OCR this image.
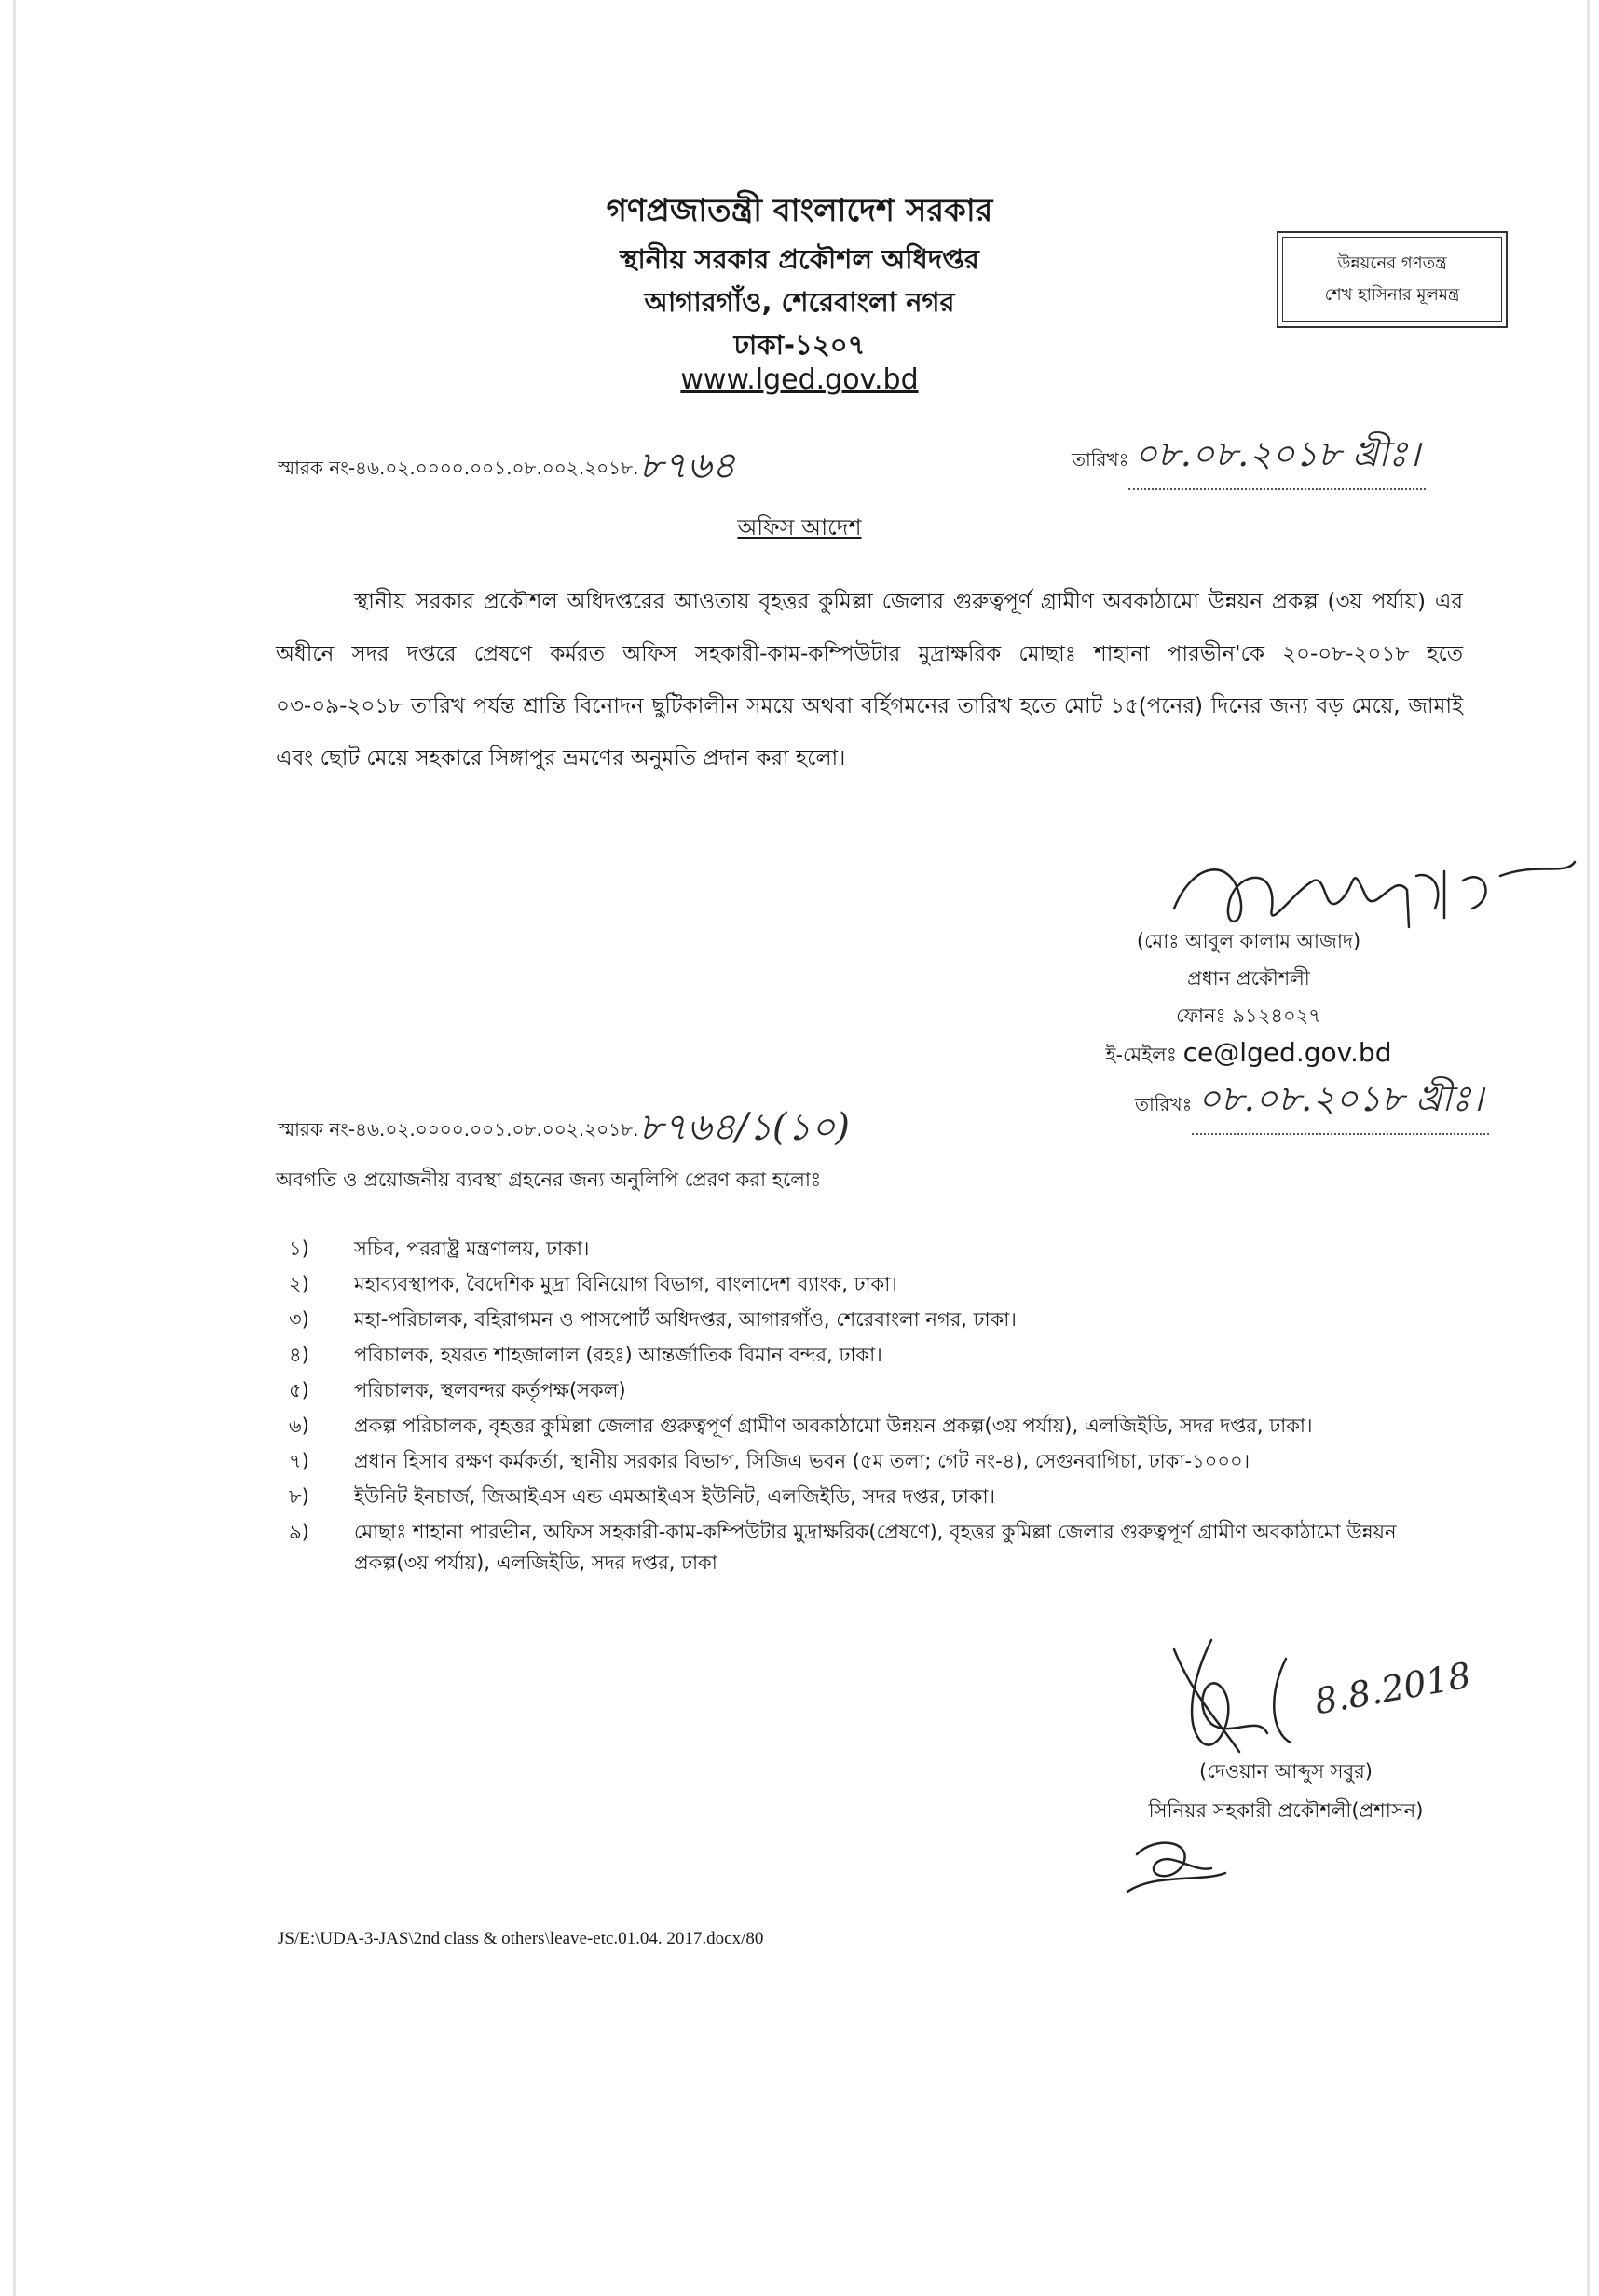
গণপ্রজাতন্ত্রী বাংলাদেশ সরকার
স্থানীয় সরকার প্রকৌশল অধিদপ্তর
আগারগাঁও, শেরেবাংলা নগর
ঢাকা-১২০৭
www.lged.gov.bd
উন্নয়নের গণতন্ত্র
শেখ হাসিনার মূলমন্ত্র
স্মারক নং-৪৬.০২.০০০০.০০১.০৮.০০২.২০১৮.৮৭৬৪	তারিখঃ ০৮.০৮.২০১৮ খ্রীঃ।
অফিস আদেশ
স্থানীয় সরকার প্রকৌশল অধিদপ্তরের আওতায় বৃহত্তর কুমিল্লা জেলার গুরুত্বপূর্ণ গ্রামীণ অবকাঠামো উন্নয়ন প্রকল্প (৩য় পর্যায়) এর অধীনে সদর দপ্তরে প্রেষণে কর্মরত অফিস সহকারী-কাম-কম্পিউটার মুদ্রাক্ষরিক মোছাঃ শাহানা পারভীন'কে ২০-০৮-২০১৮ হতে ০৩-০৯-২০১৮ তারিখ পর্যন্ত শ্রান্তি বিনোদন ছুটিকালীন সময়ে অথবা বর্হিগমনের তারিখ হতে মোট ১৫(পনের) দিনের জন্য বড় মেয়ে, জামাই এবং ছোট মেয়ে সহকারে সিঙ্গাপুর ভ্রমণের অনুমতি প্রদান করা হলো।
(মোঃ আবুল কালাম আজাদ)
প্রধান প্রকৌশলী
ফোনঃ ৯১২৪০২৭
ই-মেইলঃ ce@lged.gov.bd
স্মারক নং-৪৬.০২.০০০০.০০১.০৮.০০২.২০১৮.৮৭৬৪/১(১০)
তারিখঃ ০৮.০৮.২০১৮ খ্রীঃ।
অবগতি ও প্রয়োজনীয় ব্যবস্থা গ্রহনের জন্য অনুলিপি প্রেরণ করা হলোঃ
১)	সচিব, পররাষ্ট্র মন্ত্রণালয়, ঢাকা।
২)	মহাব্যবস্থাপক, বৈদেশিক মুদ্রা বিনিয়োগ বিভাগ, বাংলাদেশ ব্যাংক, ঢাকা।
৩)	মহা-পরিচালক, বহিরাগমন ও পাসপোর্ট অধিদপ্তর, আগারগাঁও, শেরেবাংলা নগর, ঢাকা।
৪)	পরিচালক, হযরত শাহজালাল (রহঃ) আন্তর্জাতিক বিমান বন্দর, ঢাকা।
৫)	পরিচালক, স্থলবন্দর কর্তৃপক্ষ(সকল)
৬)	প্রকল্প পরিচালক, বৃহত্তর কুমিল্লা জেলার গুরুত্বপূর্ণ গ্রামীণ অবকাঠামো উন্নয়ন প্রকল্প(৩য় পর্যায়), এলজিইডি, সদর দপ্তর, ঢাকা।
৭)	প্রধান হিসাব রক্ষণ কর্মকর্তা, স্থানীয় সরকার বিভাগ, সিজিএ ভবন (৫ম তলা; গেট নং-৪), সেগুনবাগিচা, ঢাকা-১০০০।
৮)	ইউনিট ইনচার্জ, জিআইএস এন্ড এমআইএস ইউনিট, এলজিইডি, সদর দপ্তর, ঢাকা।
৯)	মোছাঃ শাহানা পারভীন, অফিস সহকারী-কাম-কম্পিউটার মুদ্রাক্ষরিক(প্রেষণে), বৃহত্তর কুমিল্লা জেলার গুরুত্বপূর্ণ গ্রামীণ অবকাঠামো উন্নয়ন প্রকল্প(৩য় পর্যায়), এলজিইডি, সদর দপ্তর, ঢাকা
8.8.2018
(দেওয়ান আব্দুস সবুর)
সিনিয়র সহকারী প্রকৌশলী(প্রশাসন)
JS/E:\UDA-3-JAS\2nd class & others\leave-etc.01.04. 2017.docx/80
